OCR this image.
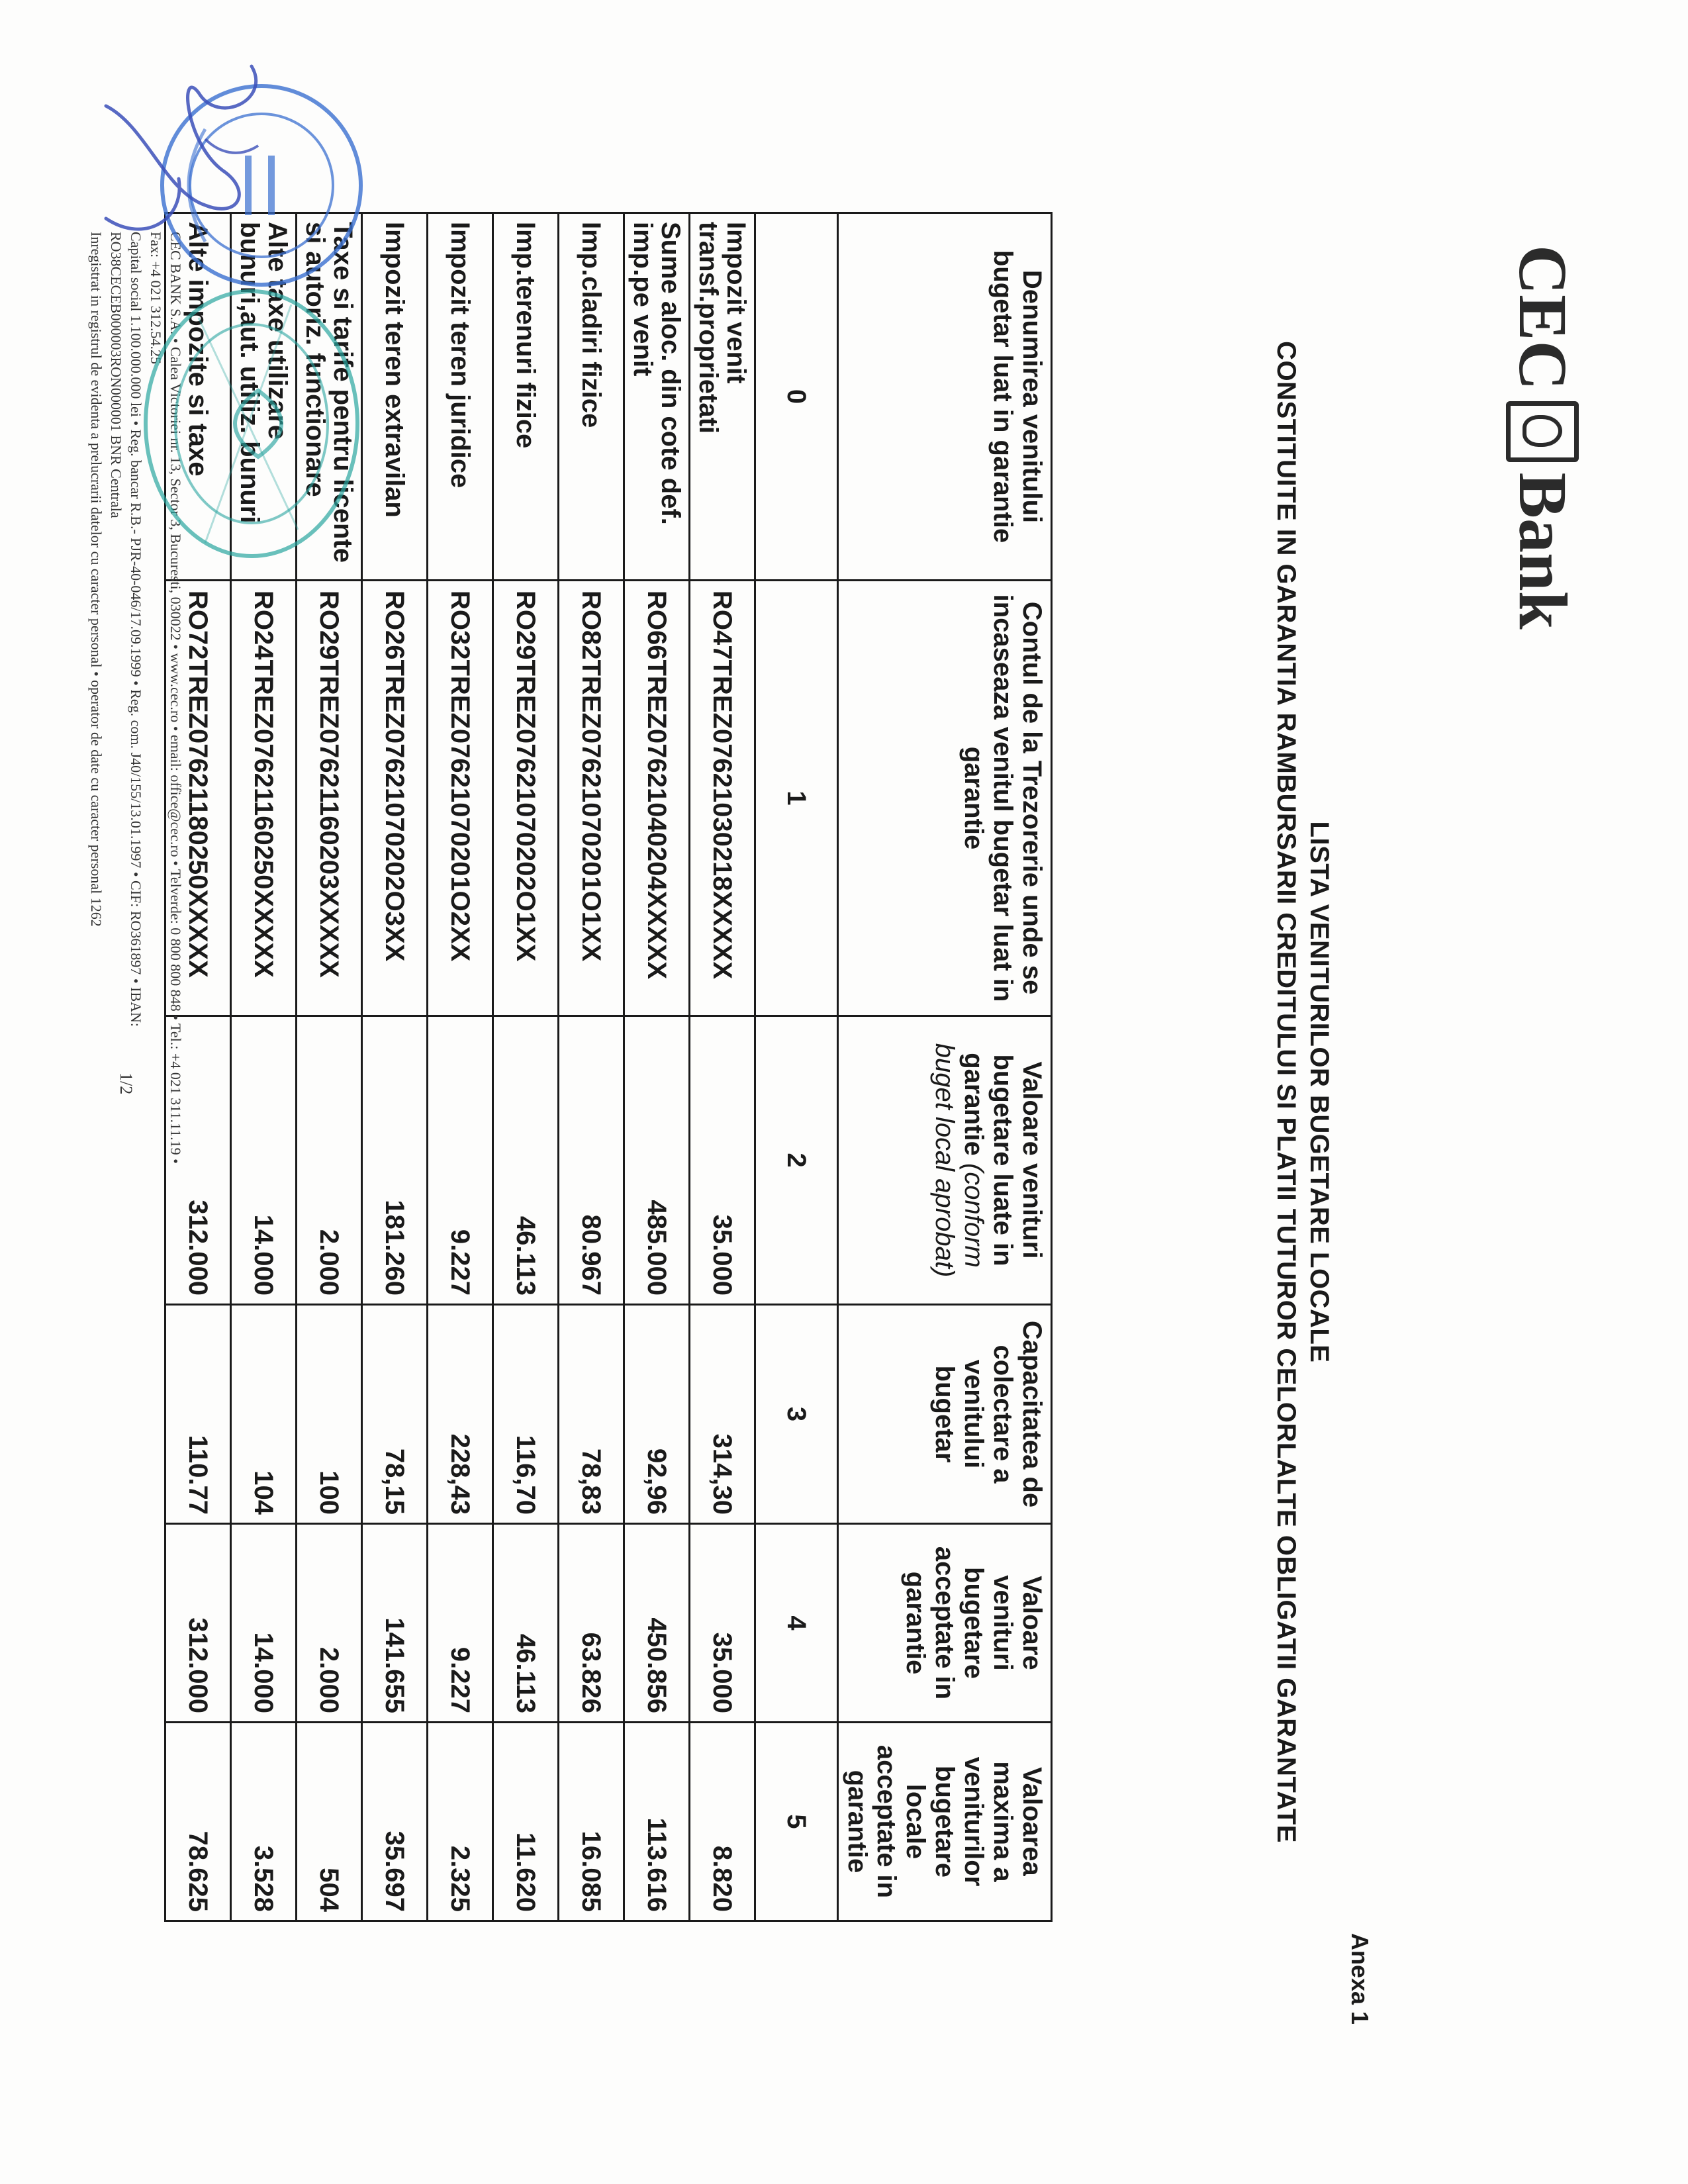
CEC
Bank
Anexa 1
LISTA VENITURILOR BUGETARE LOCALE
CONSTITUITE IN GARANTIA RAMBURSARII CREDITULUI SI PLATII TUTUROR CELORLALTE OBLIGATII GARANTATE
Denumirea venitului bugetar luat in garantie	Contul de la Trezorerie unde se incaseaza venitul bugetar luat in garantie	Valoare venituri bugetare luate in garantie (conform buget local aprobat)	Capacitatea de colectare a venitului bugetar	Valoare venituri bugetare acceptate in garantie	Valoarea maxima a veniturilor bugetare locale acceptate in garantie
0	1	2	3	4	5
Impozit venit transf.proprietati	RO47TREZ07621030218XXXXX	35.000	314,30	35.000	8.820
Sume aloc. din cote def. imp.pe venit	RO66TREZ07621040204XXXXX	485.000	92,96	450.856	113.616
Imp.cladiri fizice	RO82TREZ07621070201O1XX	80.967	78,83	63.826	16.085
Imp.terenuri fizice	RO29TREZ07621070202O1XX	46.113	116,70	46.113	11.620
Impozit teren juridice	RO32TREZ07621070201O2XX	9.227	228,43	9.227	2.325
Impozit teren extravilan	RO26TREZ07621070202O3XX	181.260	78,15	141.655	35.697
Taxe si tarife pentru licente si autoriz. functionare	RO29TREZ07621160203XXXXX	2.000	100	2.000	504
Alte taxe utilizare bunuri,aut. utiliz. bunuri	RO24TREZ07621160250XXXXX	14.000	104	14.000	3.528
Alte impozite si taxe	RO72TREZ07621180250XXXXX	312.000	110.77	312.000	78.625
CEC BANK S.A. • Calea Victoriei nr. 13, Sector 3, Bucuresti, 030022 • www.cec.ro • email: office@cec.ro • Telverde: 0 800 800 848 • Tel.: +4 021 311.11.19 • Fax: +4 021 312.54.25
Capital social 1.100.000.000 lei • Reg. bancar R.B.- PJR-40-046/17.09.1999 • Reg. com. J40/155/13.01.1997 • CIF: RO361897 • IBAN: RO38CECEB000003RON000001 BNR Centrala
Inregistrat in registrul de evidenta a prelucrarii datelor cu caracter personal • operator de date cu caracter personal 1262
1/2
